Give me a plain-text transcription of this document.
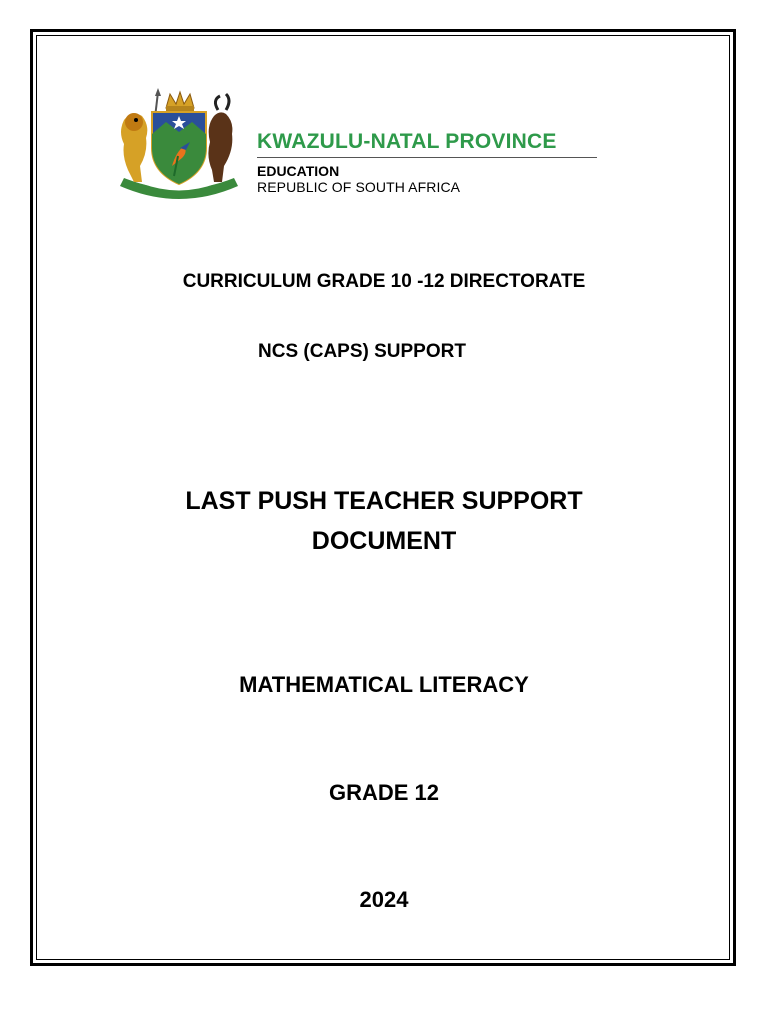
KWAZULU-NATAL PROVINCE
EDUCATION
REPUBLIC OF SOUTH AFRICA
CURRICULUM GRADE 10 -12 DIRECTORATE
NCS (CAPS) SUPPORT
LAST PUSH TEACHER SUPPORT
DOCUMENT
MATHEMATICAL LITERACY
GRADE 12
2024
